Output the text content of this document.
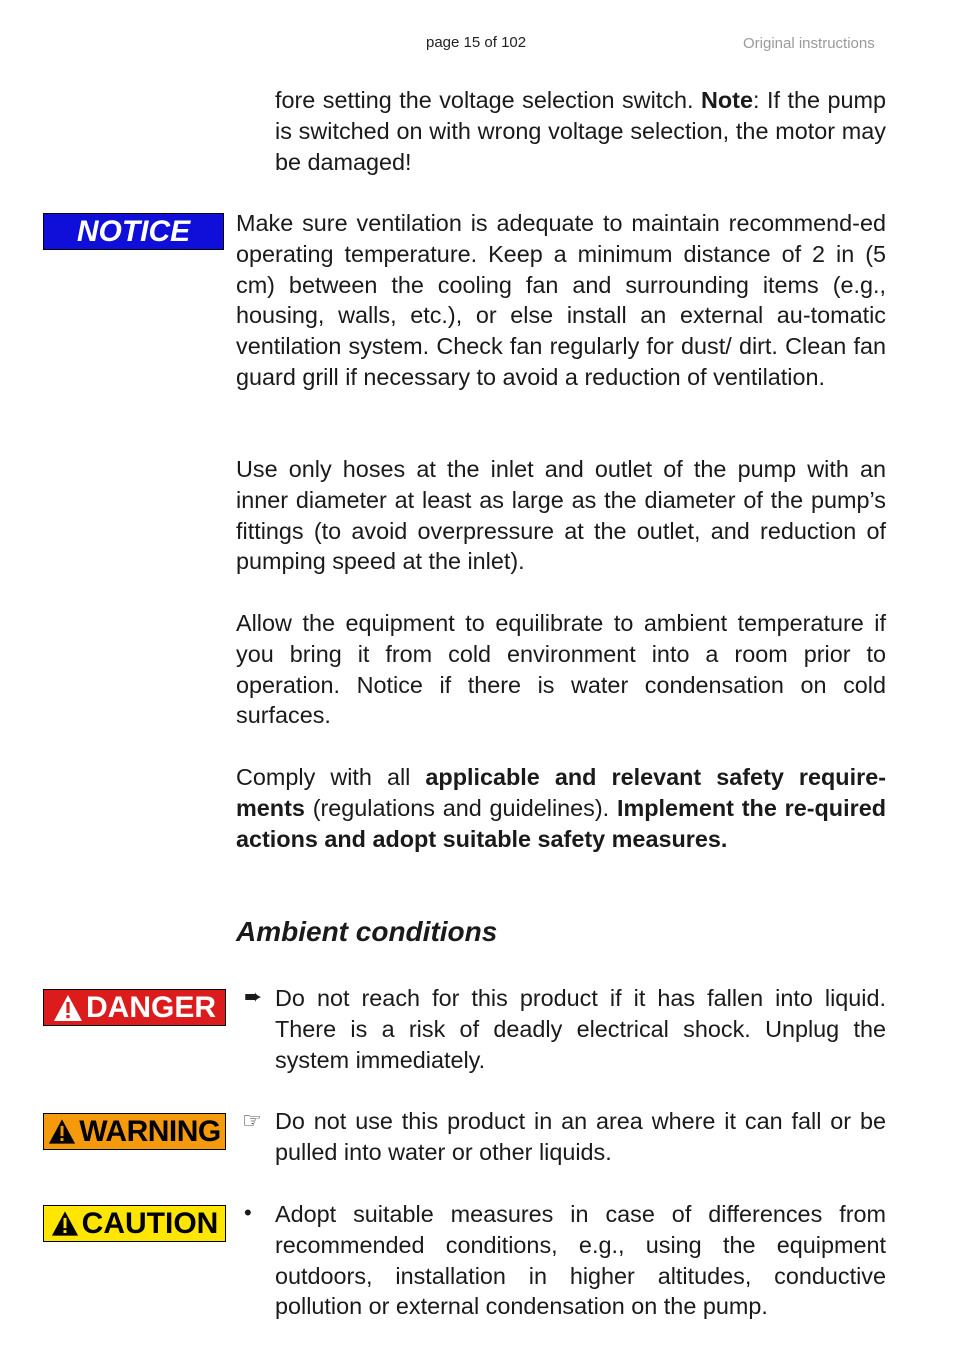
page 15 of 102	Original instructions

fore setting the voltage selection switch. Note: If the pump is switched on with wrong voltage selection, the motor may be damaged!

NOTICE Make sure ventilation is adequate to maintain recommend-ed operating temperature. Keep a minimum distance of 2 in (5 cm) between the cooling fan and surrounding items (e.g., housing, walls, etc.), or else install an external au-tomatic ventilation system. Check fan regularly for dust/ dirt. Clean fan guard grill if necessary to avoid a reduction of ventilation.

Use only hoses at the inlet and outlet of the pump with an inner diameter at least as large as the diameter of the pump’s fittings (to avoid overpressure at the outlet, and reduction of pumping speed at the inlet).

Allow the equipment to equilibrate to ambient temperature if you bring it from cold environment into a room prior to operation. Notice if there is water condensation on cold surfaces.

Comply with all applicable and relevant safety require-ments (regulations and guidelines). Implement the re-quired actions and adopt suitable safety measures.

Ambient conditions
DANGER ➨ Do not reach for this product if it has fallen into liquid. There is a risk of deadly electrical shock. Unplug the system immediately.

WARNING ☞ Do not use this product in an area where it can fall or be pulled into water or other liquids.

CAUTION • Adopt suitable measures in case of differences from recommended conditions, e.g., using the equipment outdoors, installation in higher altitudes, conductive pollution or external condensation on the pump.
